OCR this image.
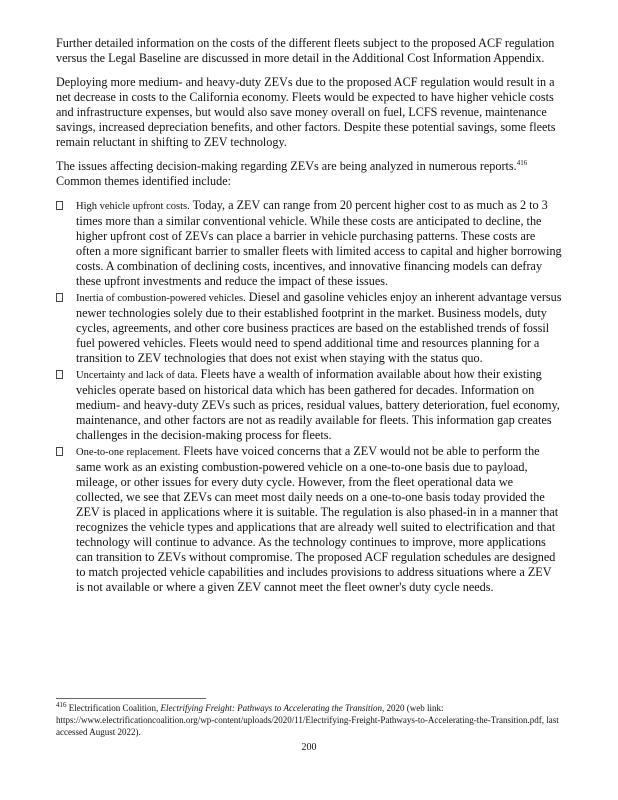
Further detailed information on the costs of the different fleets subject to the proposed ACF regulation versus the Legal Baseline are discussed in more detail in the Additional Cost Information Appendix.

Deploying more medium- and heavy-duty ZEVs due to the proposed ACF regulation would result in a net decrease in costs to the California economy. Fleets would be expected to have higher vehicle costs and infrastructure expenses, but would also save money overall on fuel, LCFS revenue, maintenance savings, increased depreciation benefits, and other factors. Despite these potential savings, some fleets remain reluctant in shifting to ZEV technology.

The issues affecting decision-making regarding ZEVs are being analyzed in numerous reports.$^{416}$ Common themes identified include:

High vehicle upfront costs. Today, a ZEV can range from 20 percent higher cost to as much as 2 to 3 times more than a similar conventional vehicle. While these costs are anticipated to decline, the higher upfront cost of ZEVs can place a barrier in vehicle purchasing patterns. These costs are often a more significant barrier to smaller fleets with limited access to capital and higher borrowing costs. A combination of declining costs, incentives, and innovative financing models can defray these upfront investments and reduce the impact of these issues.
Inertia of combustion-powered vehicles. Diesel and gasoline vehicles enjoy an inherent advantage versus newer technologies solely due to their established footprint in the market. Business models, duty cycles, agreements, and other core business practices are based on the established trends of fossil fuel powered vehicles. Fleets would need to spend additional time and resources planning for a transition to ZEV technologies that does not exist when staying with the status quo.
Uncertainty and lack of data. Fleets have a wealth of information available about how their existing vehicles operate based on historical data which has been gathered for decades. Information on medium- and heavy-duty ZEVs such as prices, residual values, battery deterioration, fuel economy, maintenance, and other factors are not as readily available for fleets. This information gap creates challenges in the decision-making process for fleets.
One-to-one replacement. Fleets have voiced concerns that a ZEV would not be able to perform the same work as an existing combustion-powered vehicle on a one-to-one basis due to payload, mileage, or other issues for every duty cycle. However, from the fleet operational data we collected, we see that ZEVs can meet most daily needs on a one-to-one basis today provided the ZEV is placed in applications where it is suitable. The regulation is also phased-in in a manner that recognizes the vehicle types and applications that are already well suited to electrification and that technology will continue to advance. As the technology continues to improve, more applications can transition to ZEVs without compromise. The proposed ACF regulation schedules are designed to match projected vehicle capabilities and includes provisions to address situations where a ZEV is not available or where a given ZEV cannot meet the fleet owner's duty cycle needs.
$^{416}$ Electrification Coalition, Electrifying Freight: Pathways to Accelerating the Transition, 2020 (web link: https://www.electrificationcoalition.org/wp-content/uploads/2020/11/Electrifying-Freight-Pathways-to-Accelerating-the-Transition.pdf, last accessed August 2022).
200
